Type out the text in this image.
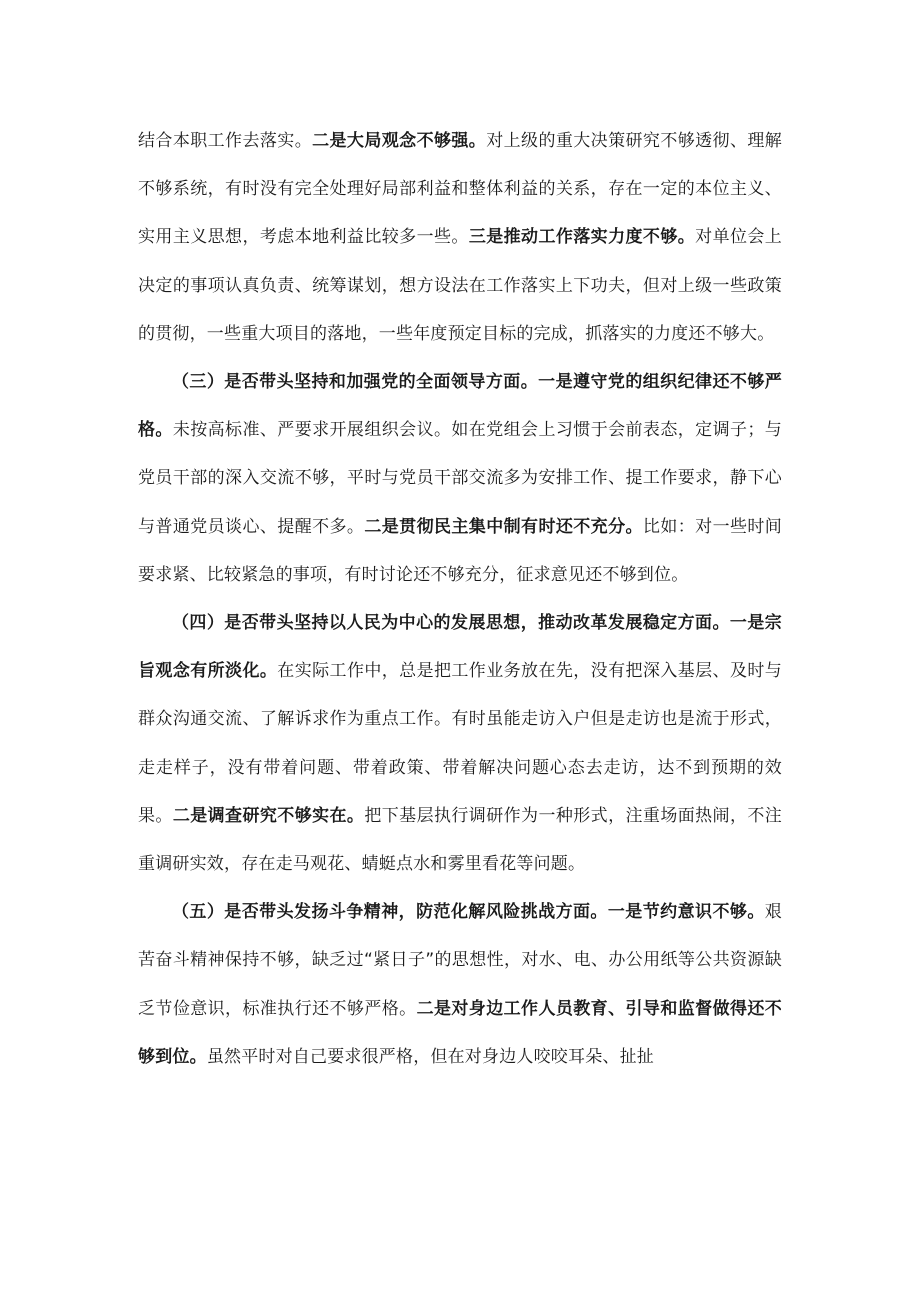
结合本职工作去落实。二是大局观念不够强。对上级的重大决策研究不够透彻、理解不够系统，有时没有完全处理好局部利益和整体利益的关系，存在一定的本位主义、实用主义思想，考虑本地利益比较多一些。三是推动工作落实力度不够。对单位会上决定的事项认真负责、统筹谋划，想方设法在工作落实上下功夫，但对上级一些政策的贯彻，一些重大项目的落地，一些年度预定目标的完成，抓落实的力度还不够大。

（三）是否带头坚持和加强党的全面领导方面。一是遵守党的组织纪律还不够严格。未按高标准、严要求开展组织会议。如在党组会上习惯于会前表态，定调子；与党员干部的深入交流不够，平时与党员干部交流多为安排工作、提工作要求，静下心与普通党员谈心、提醒不多。二是贯彻民主集中制有时还不充分。比如：对一些时间要求紧、比较紧急的事项，有时讨论还不够充分，征求意见还不够到位。

（四）是否带头坚持以人民为中心的发展思想，推动改革发展稳定方面。一是宗旨观念有所淡化。在实际工作中，总是把工作业务放在先，没有把深入基层、及时与群众沟通交流、了解诉求作为重点工作。有时虽能走访入户但是走访也是流于形式，走走样子，没有带着问题、带着政策、带着解决问题心态去走访，达不到预期的效果。二是调查研究不够实在。把下基层执行调研作为一种形式，注重场面热闹，不注重调研实效，存在走马观花、蜻蜓点水和雾里看花等问题。

（五）是否带头发扬斗争精神，防范化解风险挑战方面。一是节约意识不够。艰苦奋斗精神保持不够，缺乏过“紧日子”的思想性，对水、电、办公用纸等公共资源缺乏节俭意识，标准执行还不够严格。二是对身边工作人员教育、引导和监督做得还不够到位。虽然平时对自己要求很严格，但在对身边人咬咬耳朵、扯扯
